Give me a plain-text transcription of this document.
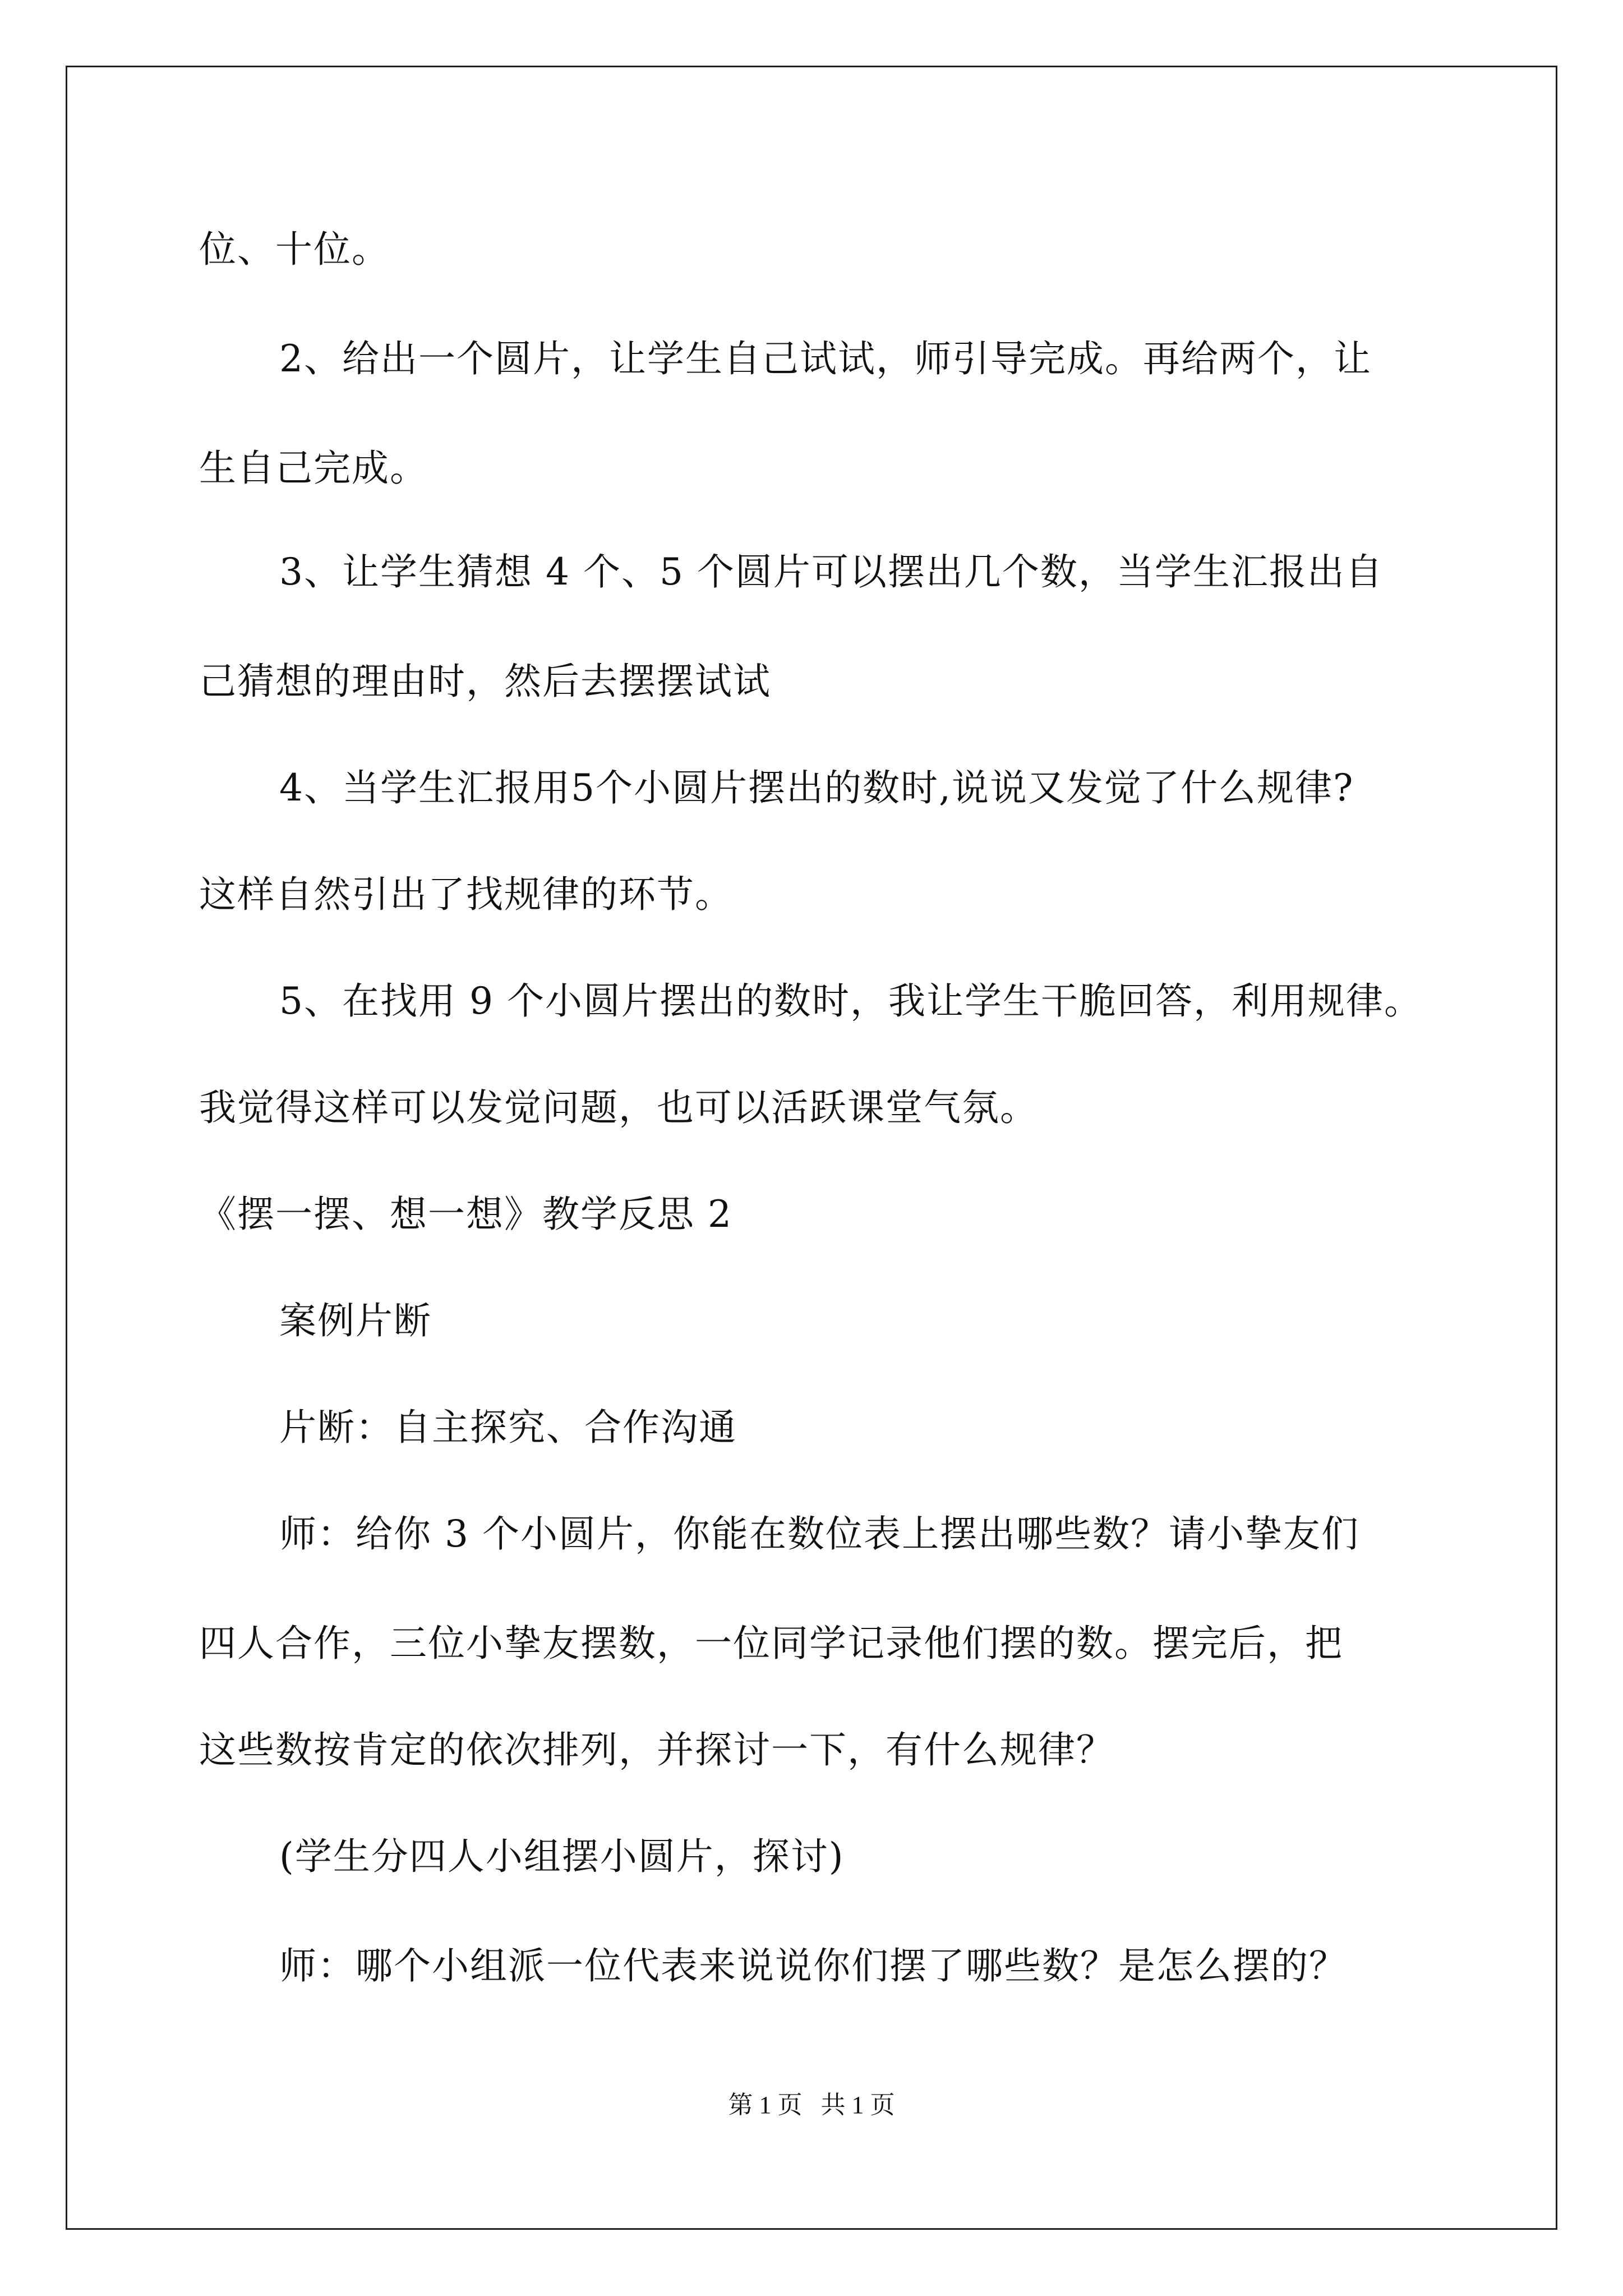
位、十位。
2、给出一个圆片，让学生自己试试，师引导完成。再给两个，让
生自己完成。
3、让学生猜想 4 个、5 个圆片可以摆出几个数，当学生汇报出自
己猜想的理由时，然后去摆摆试试
4、当学生汇报用5个小圆片摆出的数时,说说又发觉了什么规律?
这样自然引出了找规律的环节。
5、在找用 9 个小圆片摆出的数时，我让学生干脆回答，利用规律。
我觉得这样可以发觉问题，也可以活跃课堂气氛。
《摆一摆、想一想》教学反思 2
案例片断
片断：自主探究、合作沟通
师：给你 3 个小圆片，你能在数位表上摆出哪些数？请小挚友们
四人合作，三位小挚友摆数，一位同学记录他们摆的数。摆完后，把
这些数按肯定的依次排列，并探讨一下，有什么规律？
(学生分四人小组摆小圆片，探讨)
师：哪个小组派一位代表来说说你们摆了哪些数？是怎么摆的？
第 1 页   共 1 页
